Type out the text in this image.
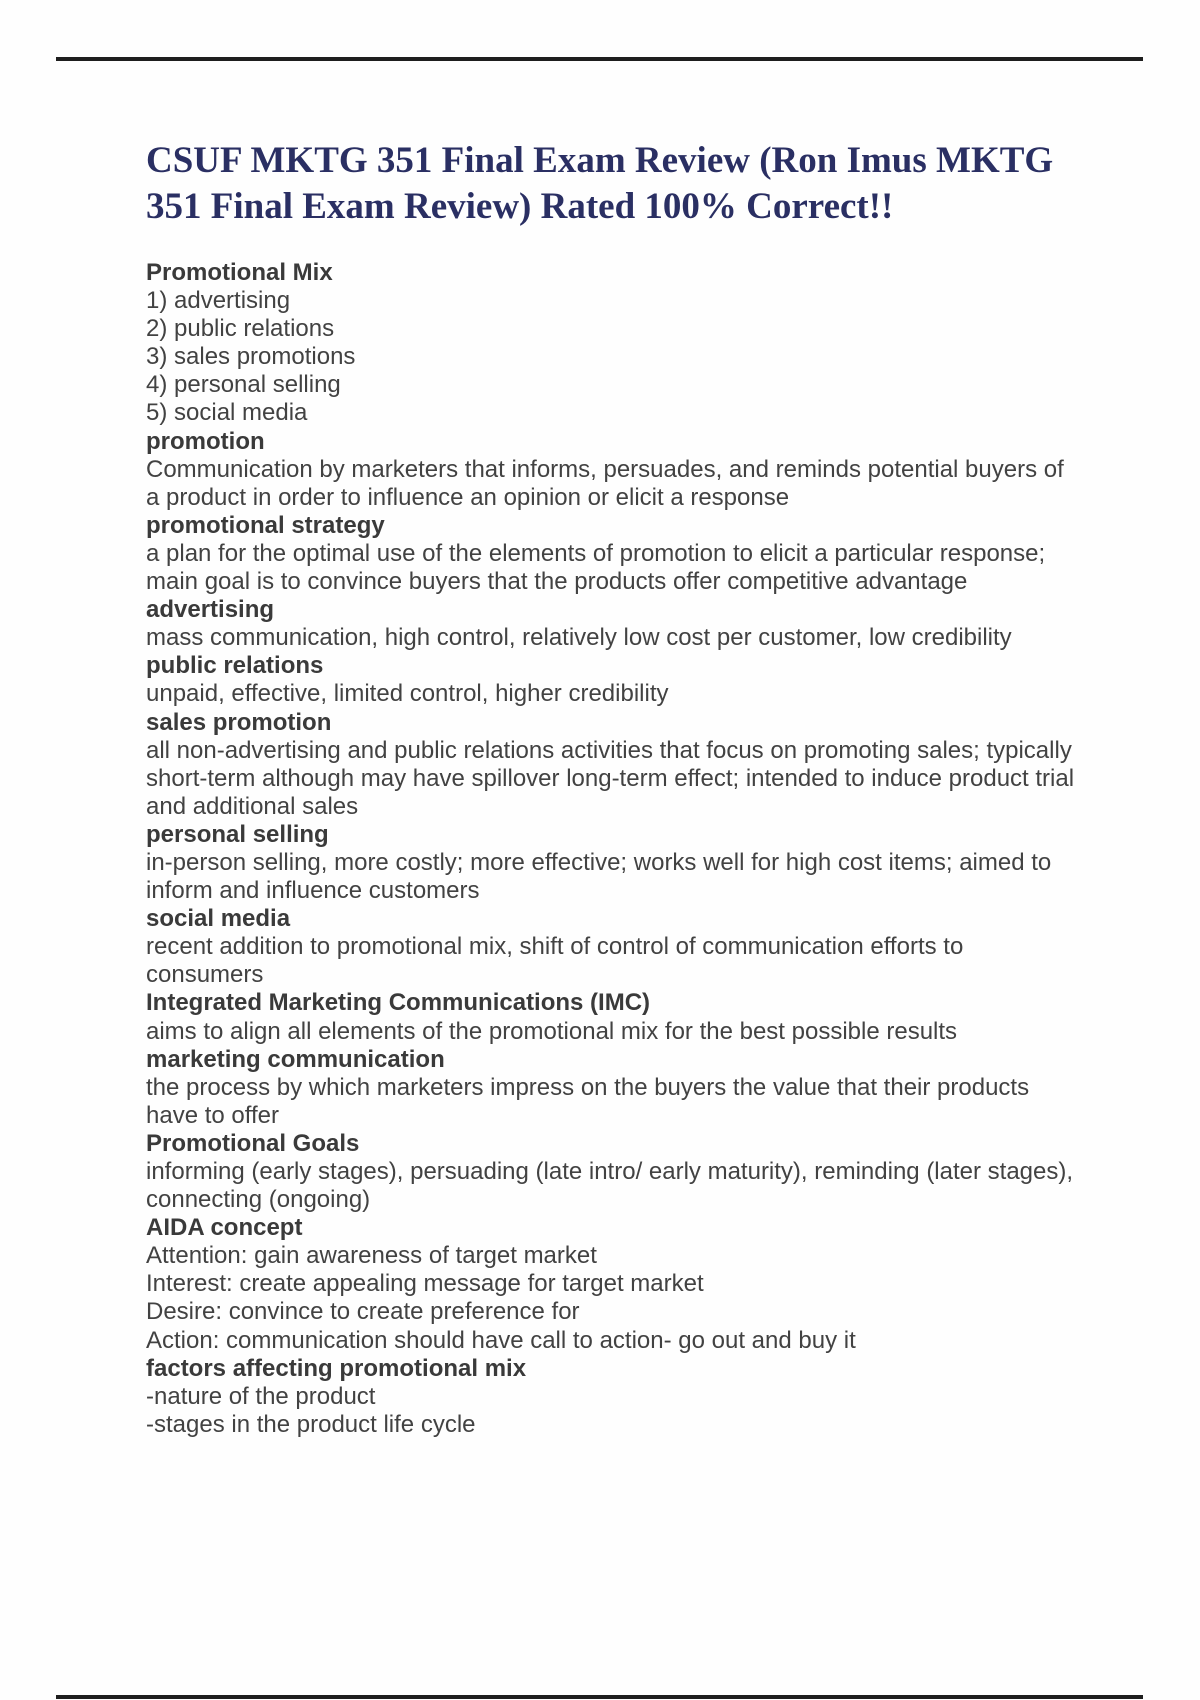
CSUF MKTG 351 Final Exam Review (Ron Imus MKTG
351 Final Exam Review) Rated 100% Correct!!
Promotional Mix
1) advertising
2) public relations
3) sales promotions
4) personal selling
5) social media
promotion
Communication by marketers that informs, persuades, and reminds potential buyers of
a product in order to influence an opinion or elicit a response
promotional strategy
a plan for the optimal use of the elements of promotion to elicit a particular response;
main goal is to convince buyers that the products offer competitive advantage
advertising
mass communication, high control, relatively low cost per customer, low credibility
public relations
unpaid, effective, limited control, higher credibility
sales promotion
all non-advertising and public relations activities that focus on promoting sales; typically
short-term although may have spillover long-term effect; intended to induce product trial
and additional sales
personal selling
in-person selling, more costly; more effective; works well for high cost items; aimed to
inform and influence customers
social media
recent addition to promotional mix, shift of control of communication efforts to
consumers
Integrated Marketing Communications (IMC)
aims to align all elements of the promotional mix for the best possible results
marketing communication
the process by which marketers impress on the buyers the value that their products
have to offer
Promotional Goals
informing (early stages), persuading (late intro/ early maturity), reminding (later stages),
connecting (ongoing)
AIDA concept
Attention: gain awareness of target market
Interest: create appealing message for target market
Desire: convince to create preference for
Action: communication should have call to action- go out and buy it
factors affecting promotional mix
-nature of the product
-stages in the product life cycle
